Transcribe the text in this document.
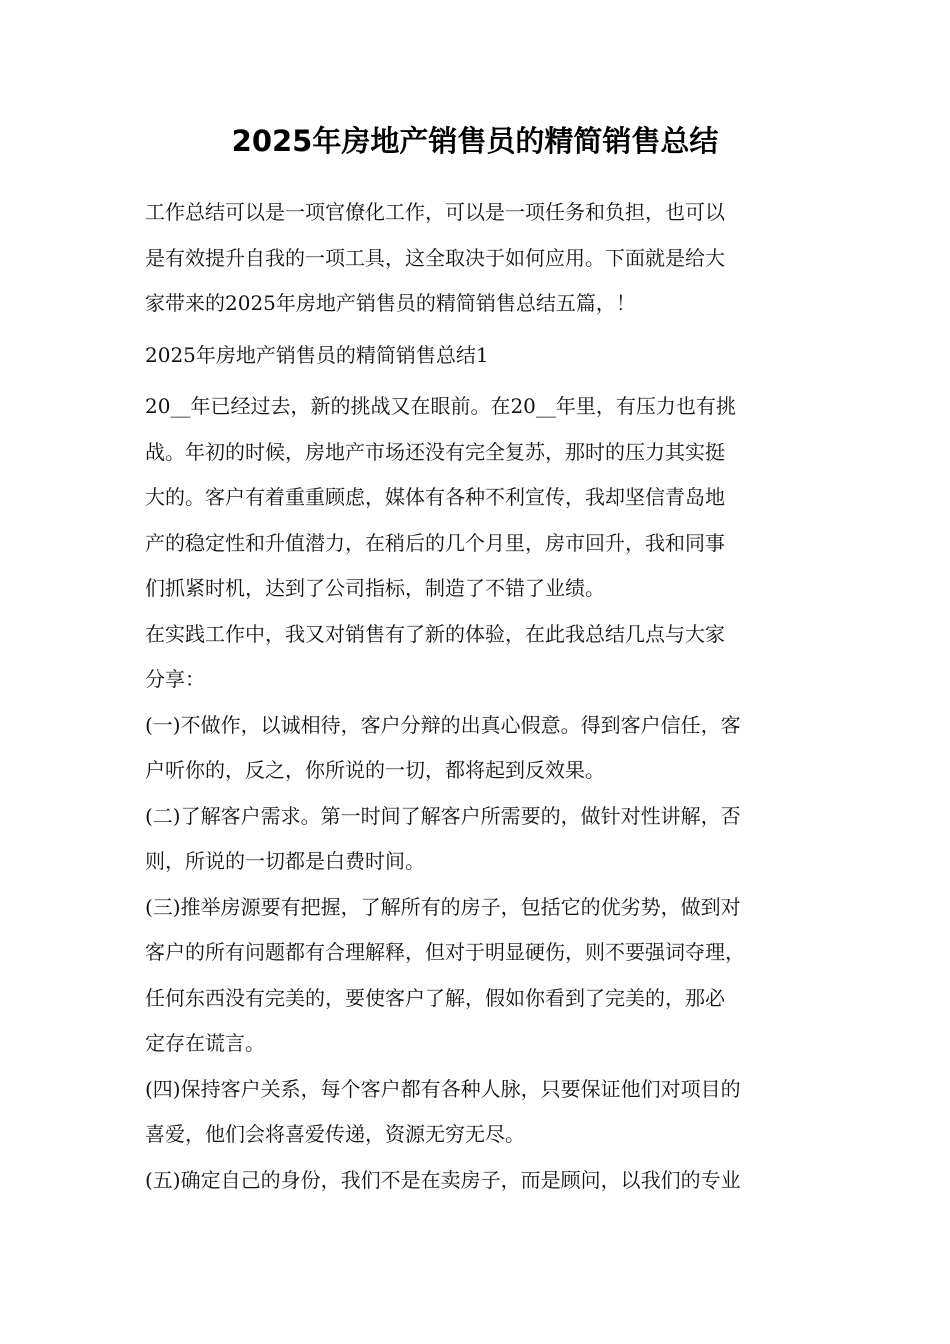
2025年房地产销售员的精简销售总结

工作总结可以是一项官僚化工作，可以是一项任务和负担，也可以
是有效提升自我的一项工具，这全取决于如何应用。下面就是给大
家带来的2025年房地产销售员的精简销售总结五篇，！

2025年房地产销售员的精简销售总结1

20__年已经过去，新的挑战又在眼前。在20__年里，有压力也有挑
战。年初的时候，房地产市场还没有完全复苏，那时的压力其实挺
大的。客户有着重重顾虑，媒体有各种不利宣传，我却坚信青岛地
产的稳定性和升值潜力，在稍后的几个月里，房市回升，我和同事
们抓紧时机，达到了公司指标，制造了不错了业绩。

在实践工作中，我又对销售有了新的体验，在此我总结几点与大家
分享：

(一)不做作，以诚相待，客户分辩的出真心假意。得到客户信任，客
户听你的，反之，你所说的一切，都将起到反效果。

(二)了解客户需求。第一时间了解客户所需要的，做针对性讲解，否
则，所说的一切都是白费时间。

(三)推举房源要有把握，了解所有的房子，包括它的优劣势，做到对
客户的所有问题都有合理解释，但对于明显硬伤，则不要强词夺理，
任何东西没有完美的，要使客户了解，假如你看到了完美的，那必
定存在谎言。

(四)保持客户关系，每个客户都有各种人脉，只要保证他们对项目的
喜爱，他们会将喜爱传递，资源无穷无尽。

(五)确定自己的身份，我们不是在卖房子，而是顾问，以我们的专业
